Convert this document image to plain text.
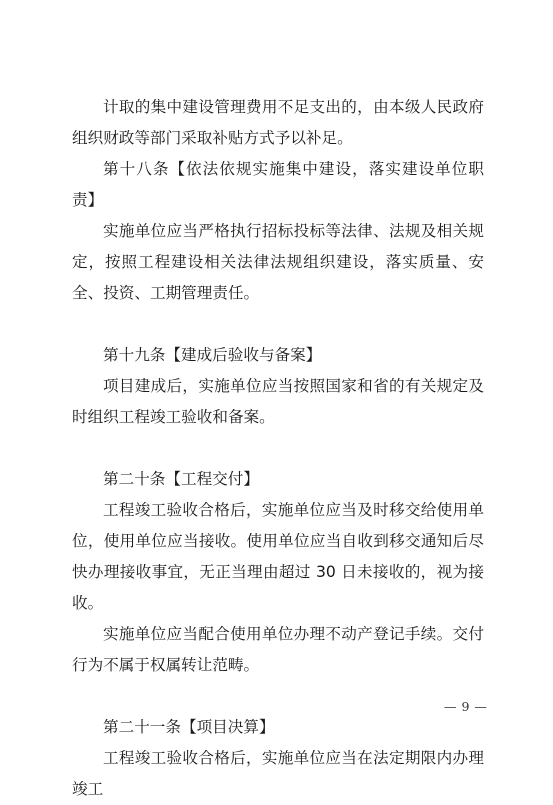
计取的集中建设管理费用不足支出的，由本级人民政府组织财政等部门采取补贴方式予以补足。

第十八条【依法依规实施集中建设，落实建设单位职责】

实施单位应当严格执行招标投标等法律、法规及相关规定，按照工程建设相关法律法规组织建设，落实质量、安全、投资、工期管理责任。

第十九条【建成后验收与备案】

项目建成后，实施单位应当按照国家和省的有关规定及时组织工程竣工验收和备案。

第二十条【工程交付】

工程竣工验收合格后，实施单位应当及时移交给使用单位，使用单位应当接收。使用单位应当自收到移交通知后尽快办理接收事宜，无正当理由超过 30 日未接收的，视为接收。

实施单位应当配合使用单位办理不动产登记手续。交付行为不属于权属转让范畴。

第二十一条【项目决算】

工程竣工验收合格后，实施单位应当在法定期限内办理竣工

— 9 —
